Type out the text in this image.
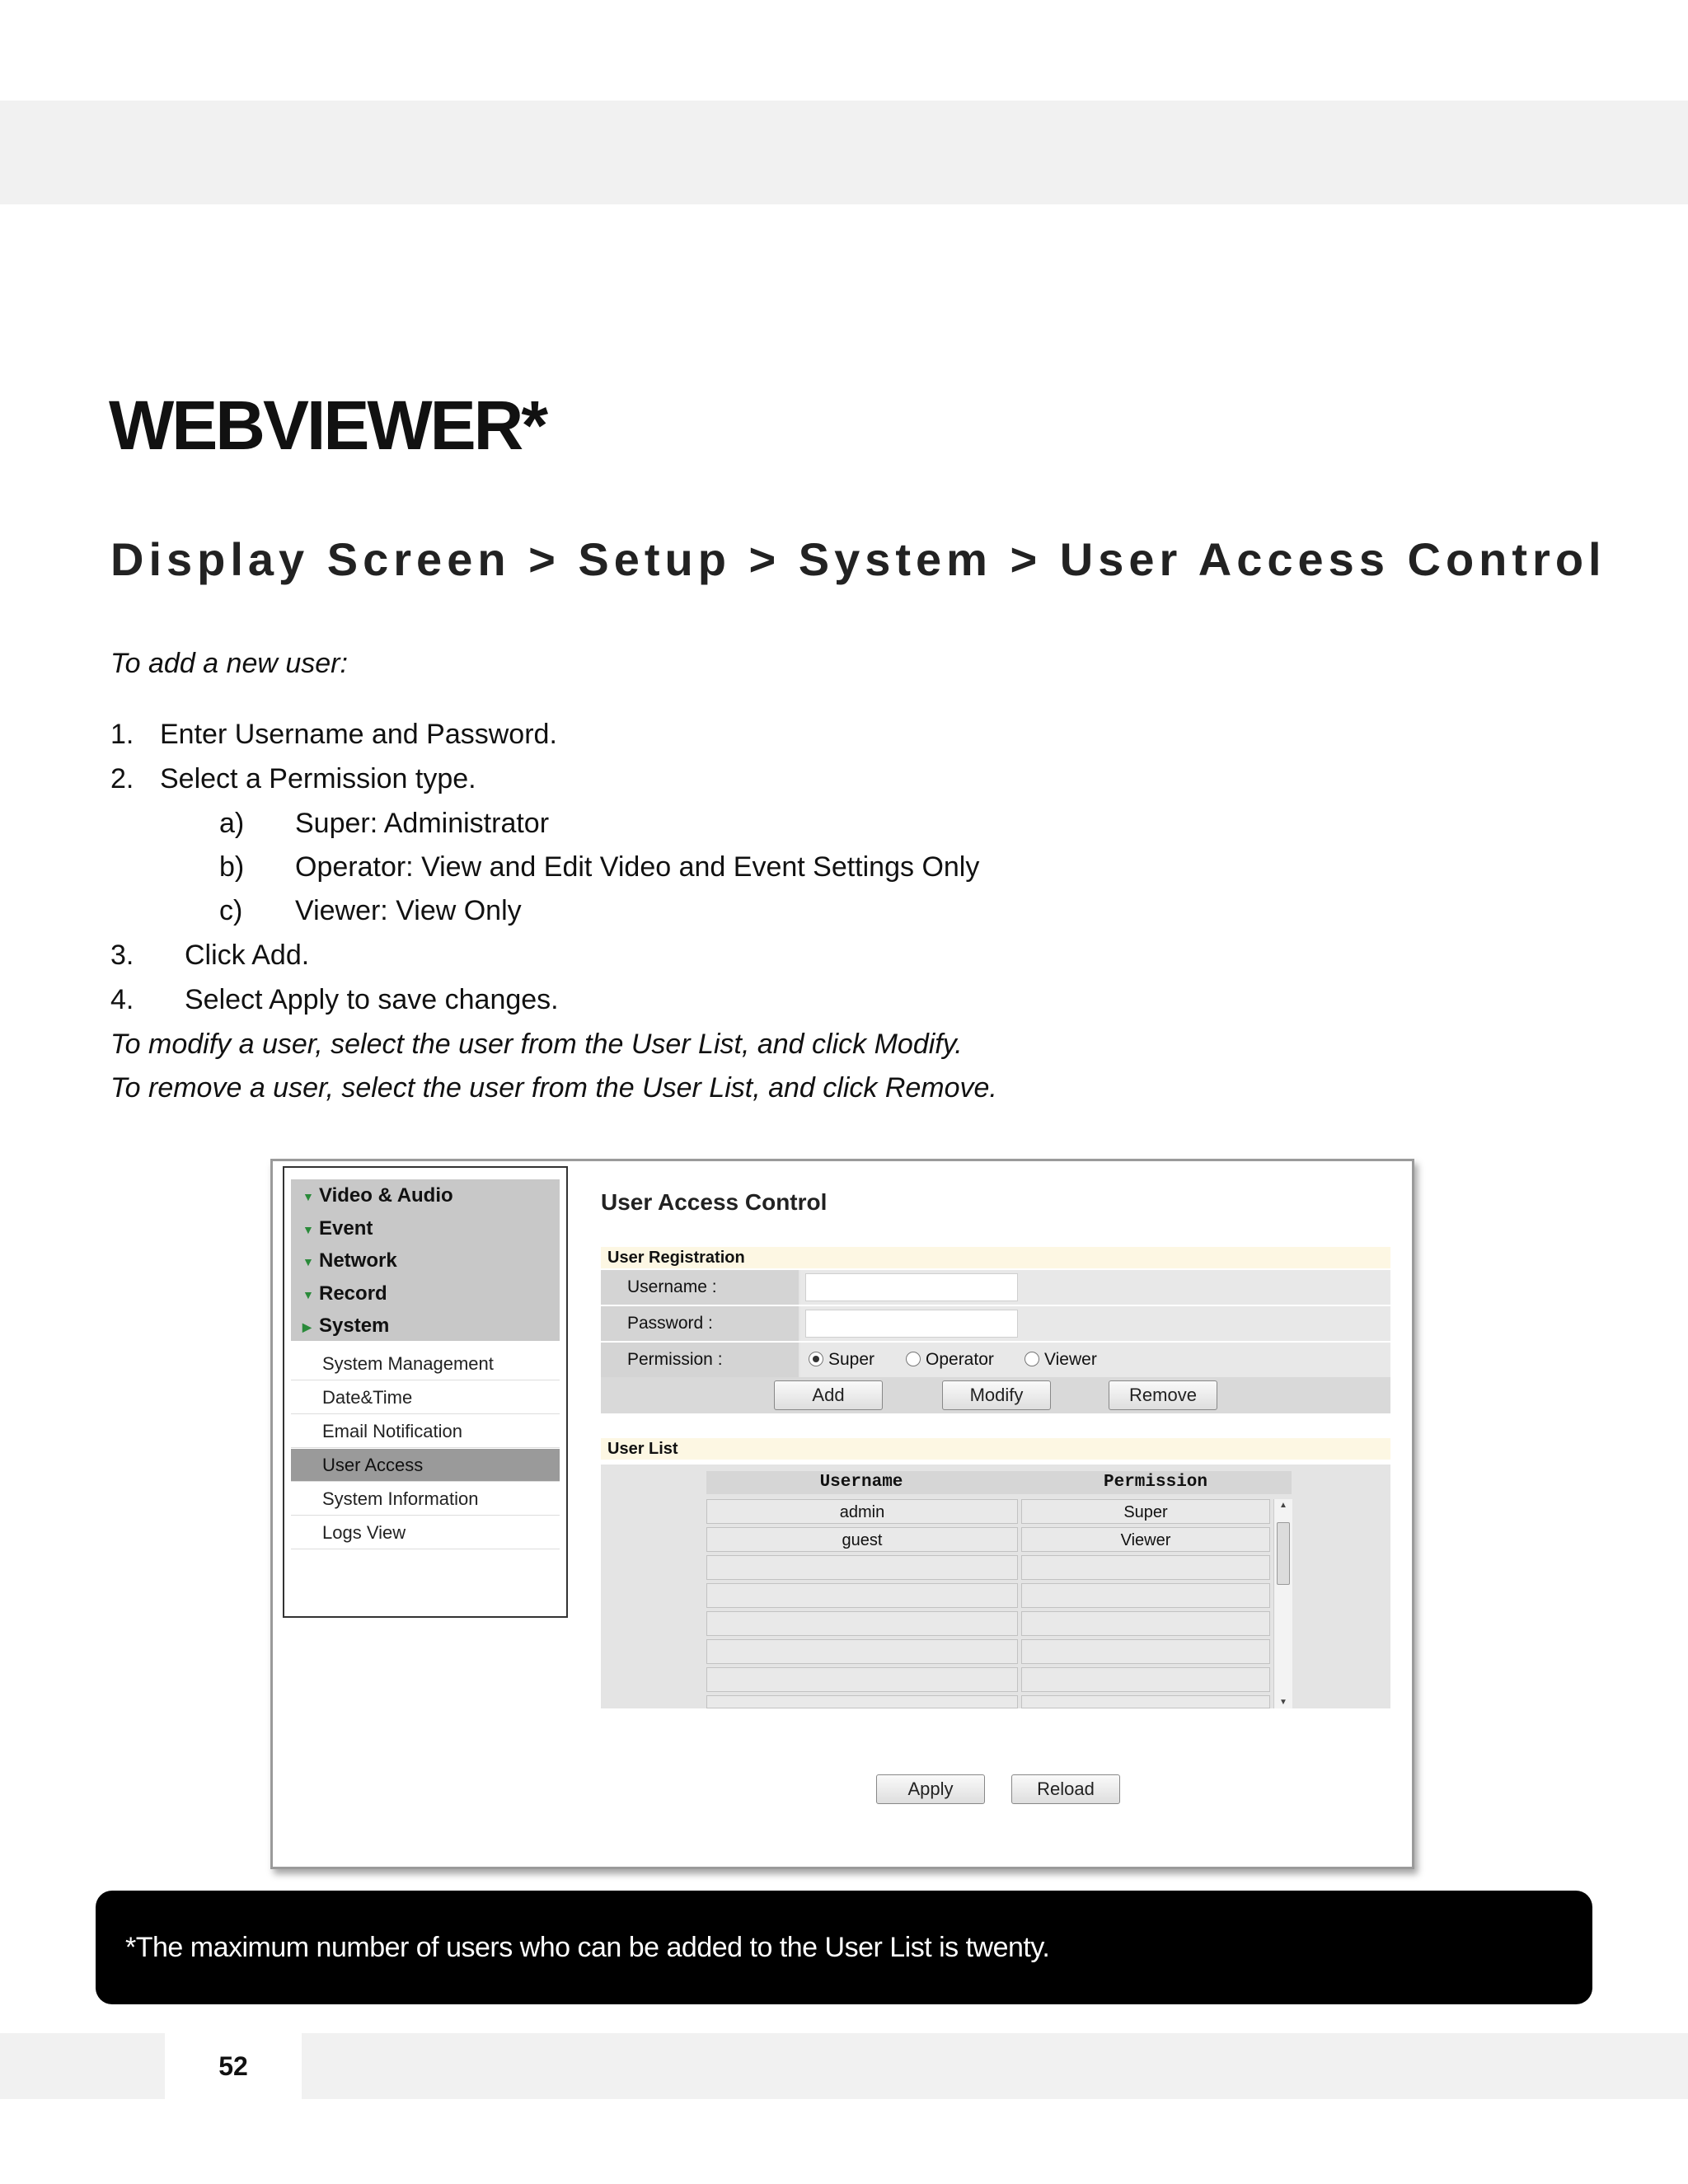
WEBVIEWER*
Display Screen > Setup > System > User Access Control
To add a new user:
1. Enter Username and Password.
2. Select a Permission type.
a) Super: Administrator
b) Operator: View and Edit Video and Event Settings Only
c) Viewer: View Only
3. Click Add.
4. Select Apply to save changes.
To modify a user, select the user from the User List, and click Modify.
To remove a user, select the user from the User List, and click Remove.
▼ Video & Audio
▼ Event
▼ Network
▼ Record
▶ System
System Management
Date&Time
Email Notification
User Access
System Information
Logs View
User Access Control
User Registration
Username :
Password :
Permission :	Super	Operator	Viewer
Add	Modify	Remove
User List
Username	Permission
admin	Super
guest	Viewer
▲
▼
Apply	Reload
*The maximum number of users who can be added to the User List is twenty.
52
